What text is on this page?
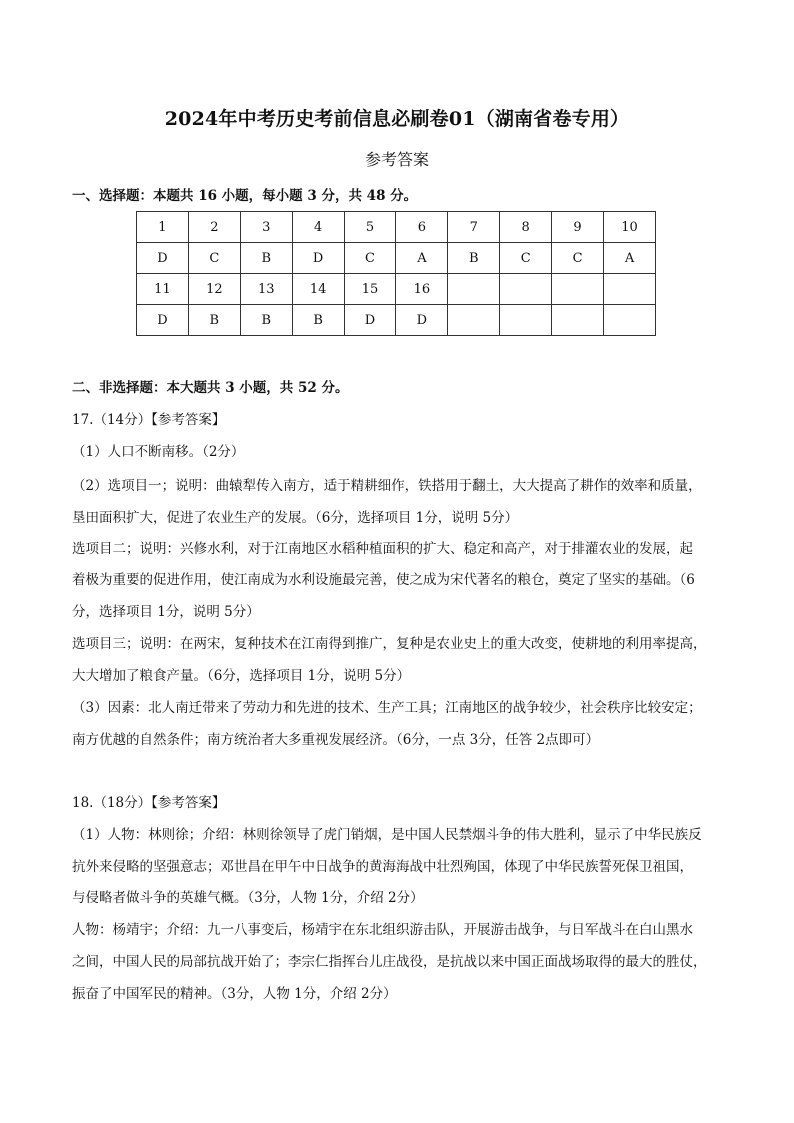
2024年中考历史考前信息必刷卷01（湖南省卷专用）
参考答案
一、选择题：本题共 16 小题，每小题 3 分，共 48 分。
1	2	3	4	5	6	7	8	9	10
D	C	B	D	C	A	B	C	C	A
11	12	13	14	15	16				
D	B	B	B	D	D				
二、非选择题：本大题共 3 小题，共 52 分。
17.（14分）【参考答案】
（1）人口不断南移。（2分）
（2）选项目一；说明：曲辕犁传入南方，适于精耕细作，铁搭用于翻土，大大提高了耕作的效率和质量，
垦田面积扩大，促进了农业生产的发展。（6分，选择项目 1分，说明 5分）
选项目二；说明：兴修水利，对于江南地区水稻种植面积的扩大、稳定和高产，对于排灌农业的发展，起
着极为重要的促进作用，使江南成为水利设施最完善，使之成为宋代著名的粮仓，奠定了坚实的基础。（6
分，选择项目 1分，说明 5分）
选项目三；说明：在两宋，复种技术在江南得到推广，复种是农业史上的重大改变，使耕地的利用率提高，
大大增加了粮食产量。（6分，选择项目 1分，说明 5分）
（3）因素：北人南迁带来了劳动力和先进的技术、生产工具；江南地区的战争较少，社会秩序比较安定；
南方优越的自然条件；南方统治者大多重视发展经济。（6分，一点 3分，任答 2点即可）
18.（18分）【参考答案】
（1）人物：林则徐；介绍：林则徐领导了虎门销烟，是中国人民禁烟斗争的伟大胜利，显示了中华民族反
抗外来侵略的坚强意志；邓世昌在甲午中日战争的黄海海战中壮烈殉国，体现了中华民族誓死保卫祖国，
与侵略者做斗争的英雄气概。（3分，人物 1分，介绍 2分）
人物：杨靖宇；介绍：九一八事变后，杨靖宇在东北组织游击队，开展游击战争，与日军战斗在白山黑水
之间，中国人民的局部抗战开始了；李宗仁指挥台儿庄战役，是抗战以来中国正面战场取得的最大的胜仗，
振奋了中国军民的精神。（3分，人物 1分，介绍 2分）
